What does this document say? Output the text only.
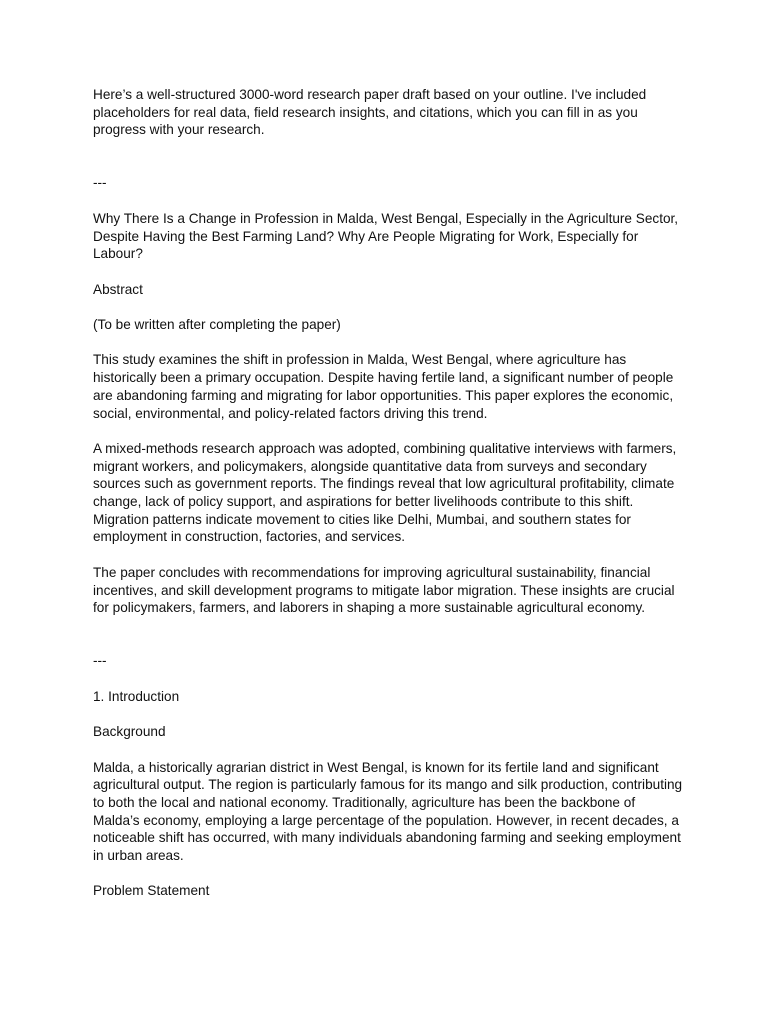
Here’s a well-structured 3000-word research paper draft based on your outline. I've included placeholders for real data, field research insights, and citations, which you can fill in as you progress with your research.

---

Why There Is a Change in Profession in Malda, West Bengal, Especially in the Agriculture Sector, Despite Having the Best Farming Land? Why Are People Migrating for Work, Especially for Labour?

Abstract

(To be written after completing the paper)

This study examines the shift in profession in Malda, West Bengal, where agriculture has historically been a primary occupation. Despite having fertile land, a significant number of people are abandoning farming and migrating for labor opportunities. This paper explores the economic, social, environmental, and policy-related factors driving this trend.

A mixed-methods research approach was adopted, combining qualitative interviews with farmers, migrant workers, and policymakers, alongside quantitative data from surveys and secondary sources such as government reports. The findings reveal that low agricultural profitability, climate change, lack of policy support, and aspirations for better livelihoods contribute to this shift. Migration patterns indicate movement to cities like Delhi, Mumbai, and southern states for employment in construction, factories, and services.

The paper concludes with recommendations for improving agricultural sustainability, financial incentives, and skill development programs to mitigate labor migration. These insights are crucial for policymakers, farmers, and laborers in shaping a more sustainable agricultural economy.

---

1. Introduction

Background

Malda, a historically agrarian district in West Bengal, is known for its fertile land and significant agricultural output. The region is particularly famous for its mango and silk production, contributing to both the local and national economy. Traditionally, agriculture has been the backbone of Malda’s economy, employing a large percentage of the population. However, in recent decades, a noticeable shift has occurred, with many individuals abandoning farming and seeking employment in urban areas.

Problem Statement
